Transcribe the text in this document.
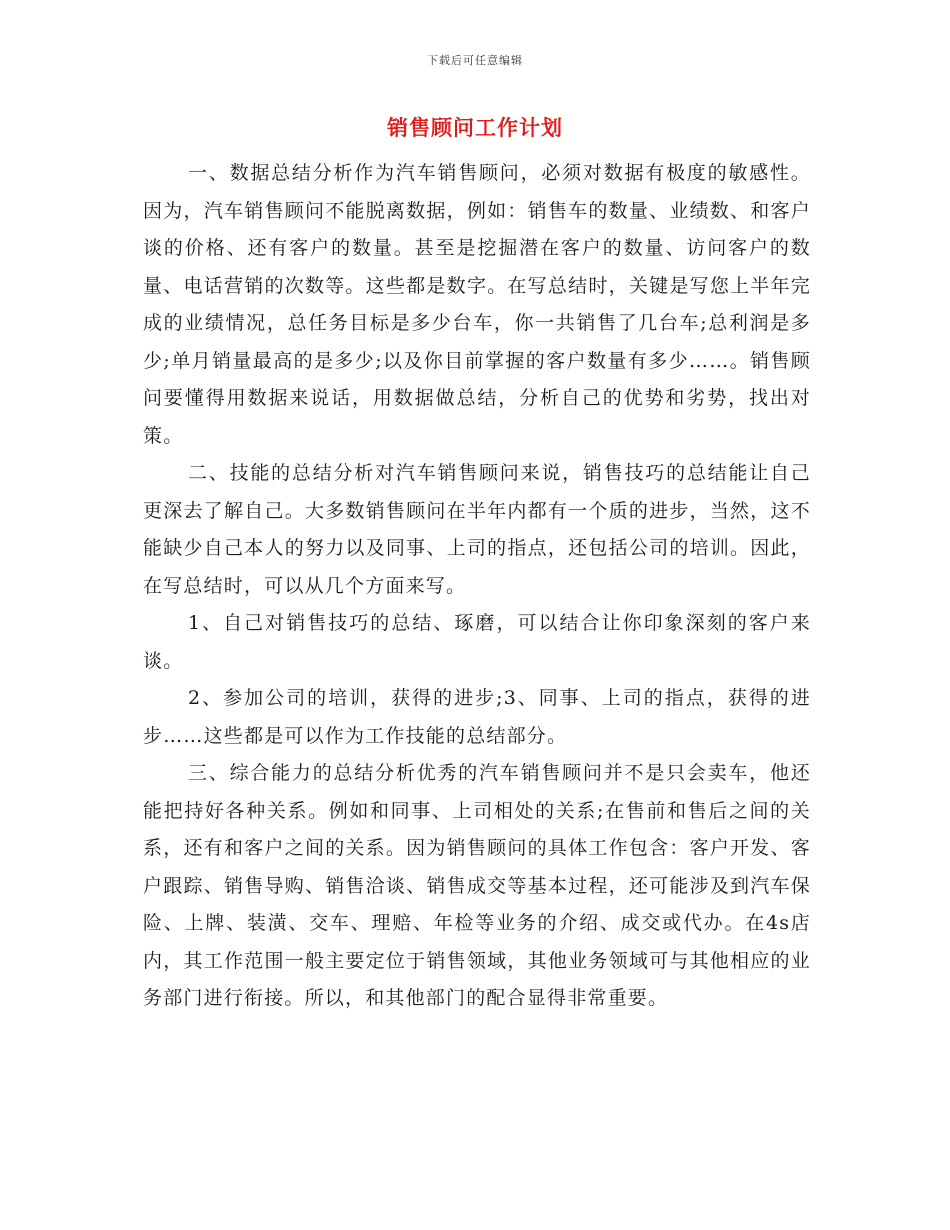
下载后可任意编辑
销售顾问工作计划

一、数据总结分析作为汽车销售顾问，必须对数据有极度的敏感性。因为，汽车销售顾问不能脱离数据，例如：销售车的数量、业绩数、和客户谈的价格、还有客户的数量。甚至是挖掘潜在客户的数量、访问客户的数量、电话营销的次数等。这些都是数字。在写总结时，关键是写您上半年完成的业绩情况，总任务目标是多少台车，你一共销售了几台车;总利润是多少;单月销量最高的是多少;以及你目前掌握的客户数量有多少……。销售顾问要懂得用数据来说话，用数据做总结，分析自己的优势和劣势，找出对策。

二、技能的总结分析对汽车销售顾问来说，销售技巧的总结能让自己更深去了解自己。大多数销售顾问在半年内都有一个质的进步，当然，这不能缺少自己本人的努力以及同事、上司的指点，还包括公司的培训。因此，在写总结时，可以从几个方面来写。

1、自己对销售技巧的总结、琢磨，可以结合让你印象深刻的客户来谈。

2、参加公司的培训，获得的进步;3、同事、上司的指点，获得的进步……这些都是可以作为工作技能的总结部分。

三、综合能力的总结分析优秀的汽车销售顾问并不是只会卖车，他还能把持好各种关系。例如和同事、上司相处的关系;在售前和售后之间的关系，还有和客户之间的关系。因为销售顾问的具体工作包含：客户开发、客户跟踪、销售导购、销售洽谈、销售成交等基本过程，还可能涉及到汽车保险、上牌、装潢、交车、理赔、年检等业务的介绍、成交或代办。在4s店内，其工作范围一般主要定位于销售领域，其他业务领域可与其他相应的业务部门进行衔接。所以，和其他部门的配合显得非常重要。
